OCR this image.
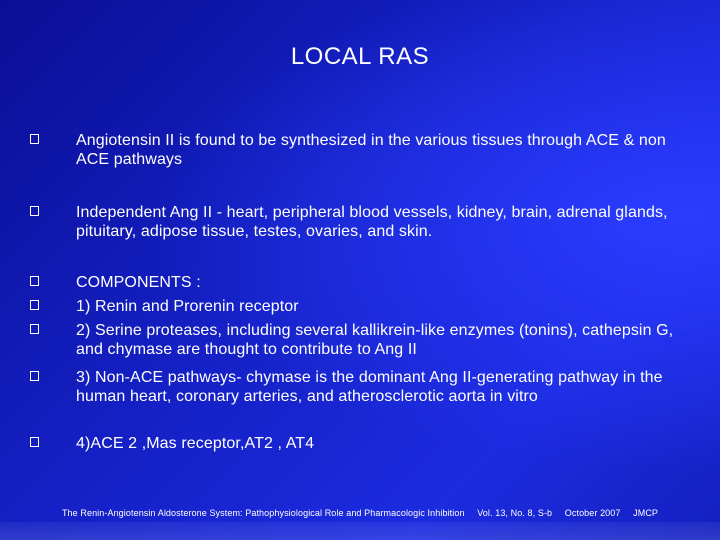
LOCAL RAS
Angiotensin II is found to be synthesized in the various tissues through ACE & non ACE pathways
Independent Ang II - heart, peripheral blood vessels, kidney, brain, adrenal glands, pituitary, adipose tissue, testes, ovaries, and skin.
COMPONENTS :
1) Renin and Prorenin receptor
2) Serine proteases, including several kallikrein-like enzymes (tonins), cathepsin G, and chymase are thought to contribute to Ang II
3) Non-ACE pathways- chymase is the dominant Ang II-generating pathway in the human heart, coronary arteries, and atherosclerotic aorta in vitro
4)ACE 2 ,Mas receptor,AT2 , AT4
The Renin-Angiotensin Aldosterone System: Pathophysiological Role and Pharmacologic Inhibition Vol. 13, No. 8, S-b October 2007 JMCP
